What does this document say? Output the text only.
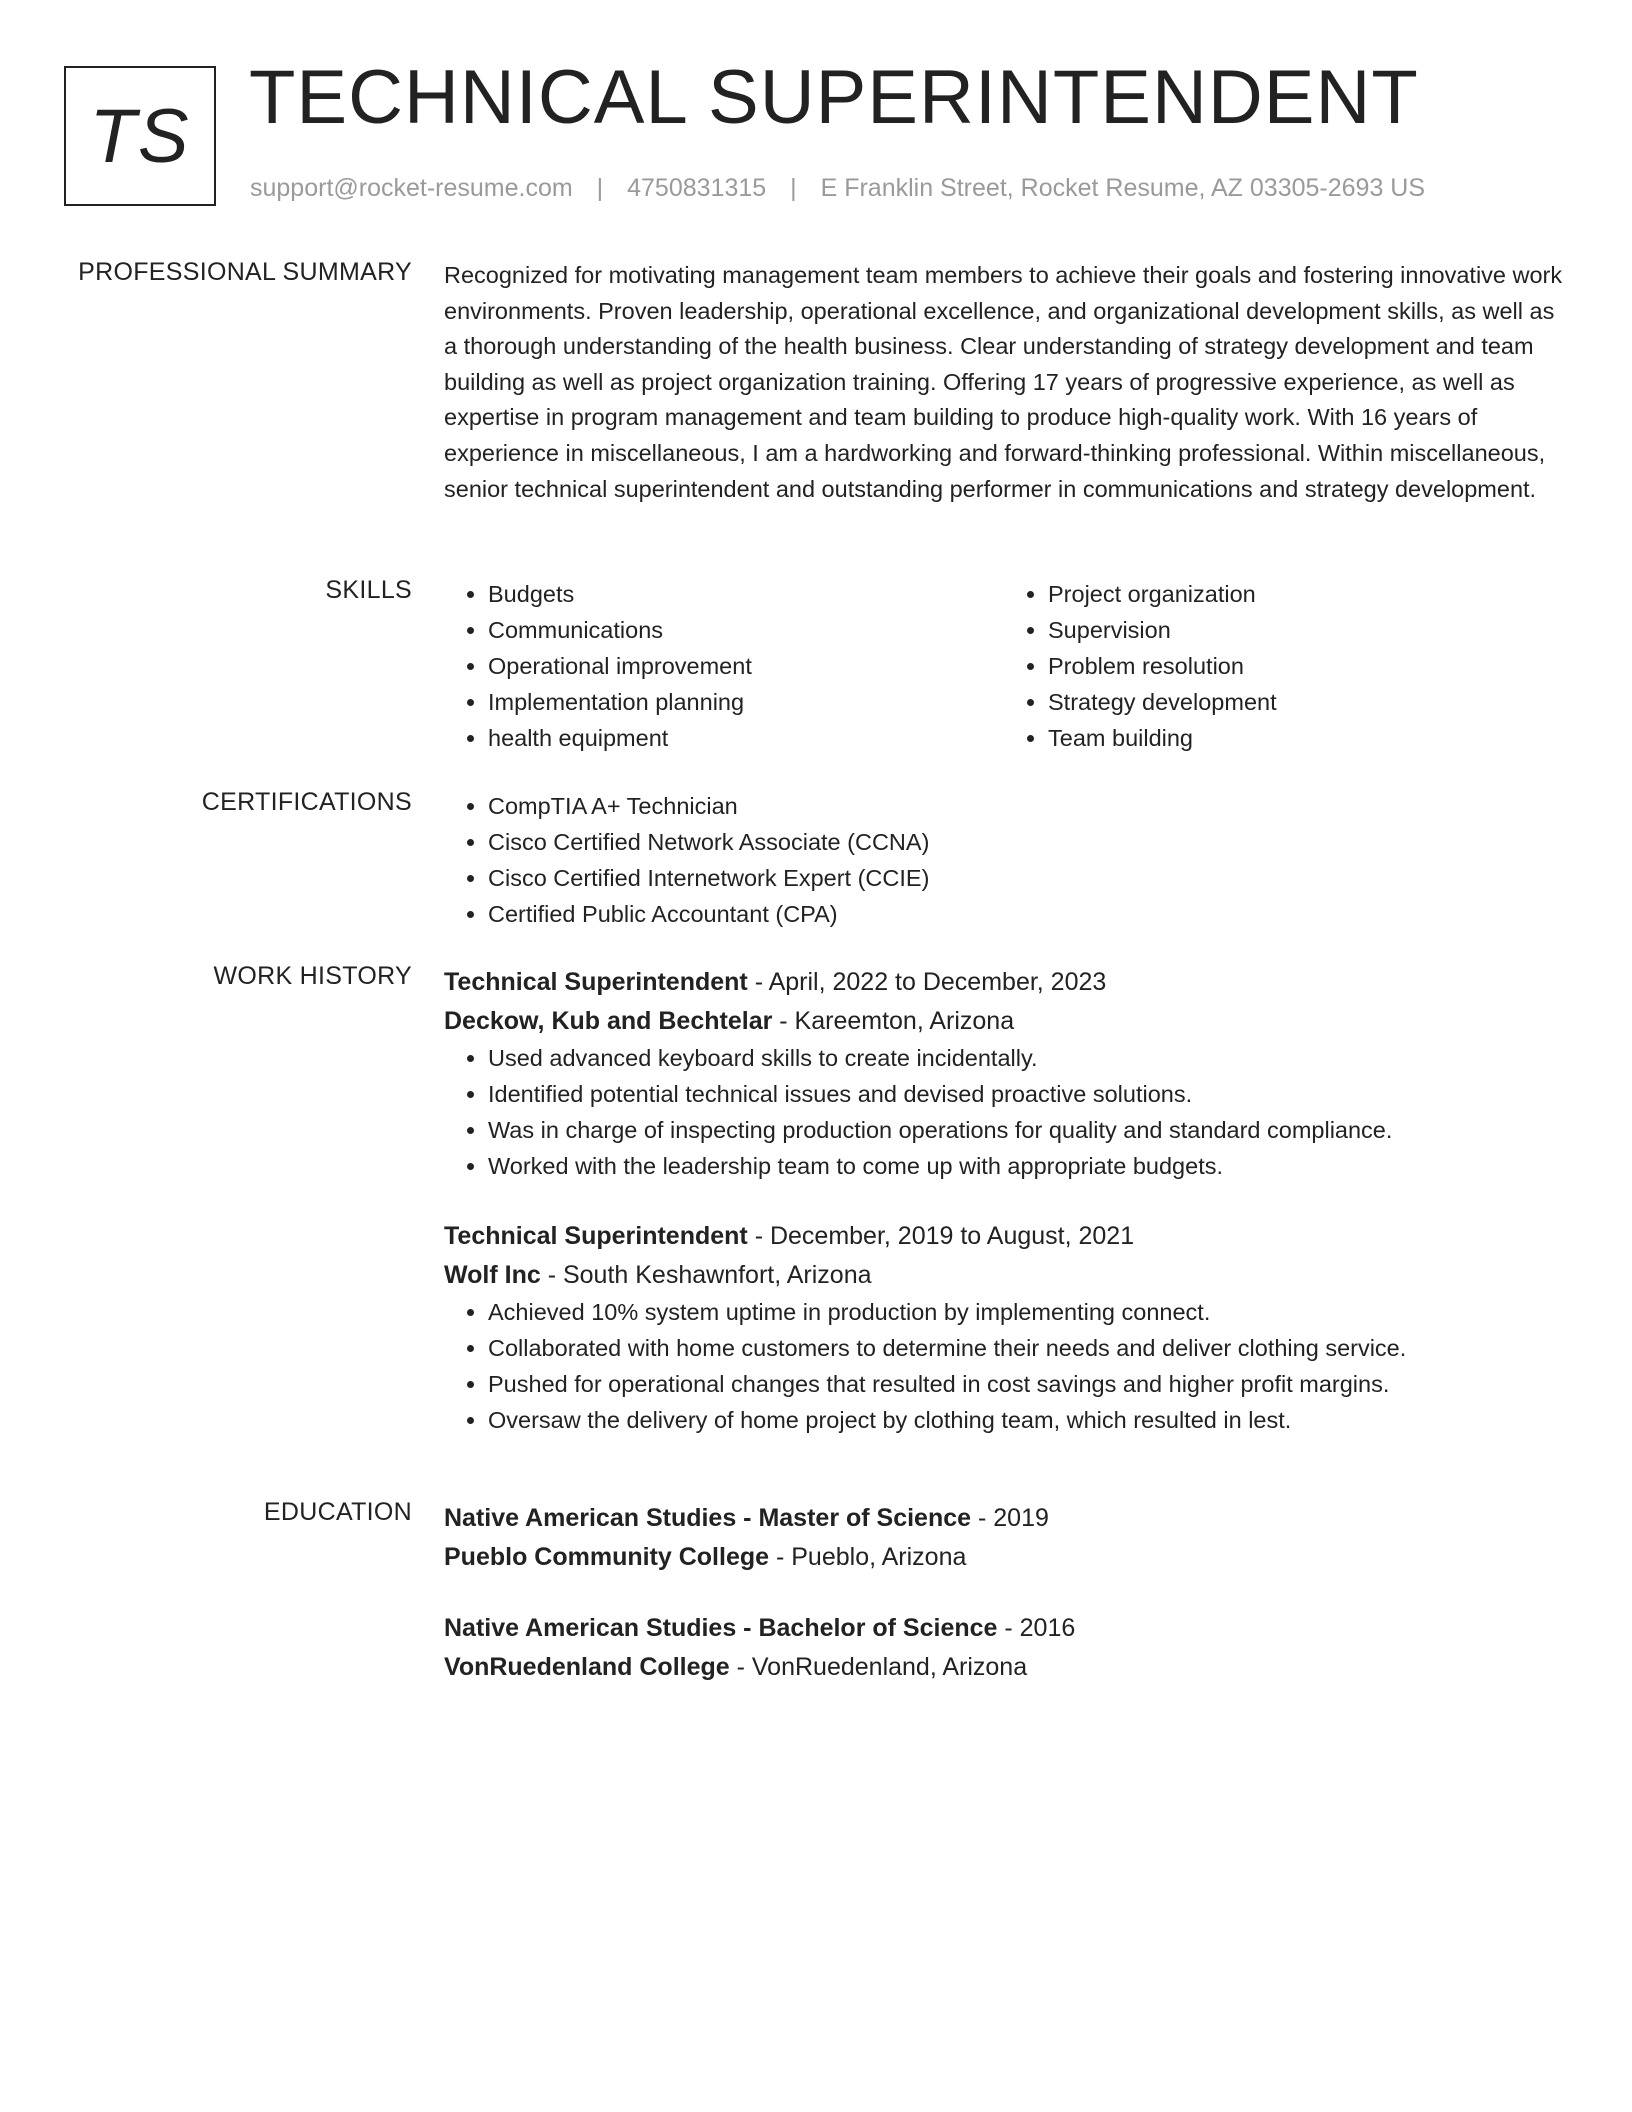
TS TECHNICAL SUPERINTENDENT
support@rocket-resume.com | 4750831315 | E Franklin Street, Rocket Resume, AZ 03305-2693 US
PROFESSIONAL SUMMARY Recognized for motivating management team members to achieve their goals and fostering innovative work environments. Proven leadership, operational excellence, and organizational development skills, as well as a thorough understanding of the health business. Clear understanding of strategy development and team building as well as project organization training. Offering 17 years of progressive experience, as well as expertise in program management and team building to produce high-quality work. With 16 years of experience in miscellaneous, I am a hardworking and forward-thinking professional. Within miscellaneous, senior technical superintendent and outstanding performer in communications and strategy development.

SKILLS	• Budgets
• Communications
• Operational improvement
• Implementation planning
• health equipment
• Project organization
• Supervision
• Problem resolution
• Strategy development
• Team building
CERTIFICATIONS	• CompTIA A+ Technician
• Cisco Certified Network Associate (CCNA)
• Cisco Certified Internetwork Expert (CCIE)
• Certified Public Accountant (CPA)
WORK HISTORY Technical Superintendent - April, 2022 to December, 2023
Deckow, Kub and Bechtelar - Kareemton, Arizona
• Used advanced keyboard skills to create incidentally.
• Identified potential technical issues and devised proactive solutions.
• Was in charge of inspecting production operations for quality and standard compliance.
• Worked with the leadership team to come up with appropriate budgets.
Technical Superintendent - December, 2019 to August, 2021
Wolf Inc - South Keshawnfort, Arizona
• Achieved 10% system uptime in production by implementing connect.
• Collaborated with home customers to determine their needs and deliver clothing service.
• Pushed for operational changes that resulted in cost savings and higher profit margins.
• Oversaw the delivery of home project by clothing team, which resulted in lest.
EDUCATION Native American Studies - Master of Science - 2019
Pueblo Community College - Pueblo, Arizona
Native American Studies - Bachelor of Science - 2016
VonRuedenland College - VonRuedenland, Arizona
